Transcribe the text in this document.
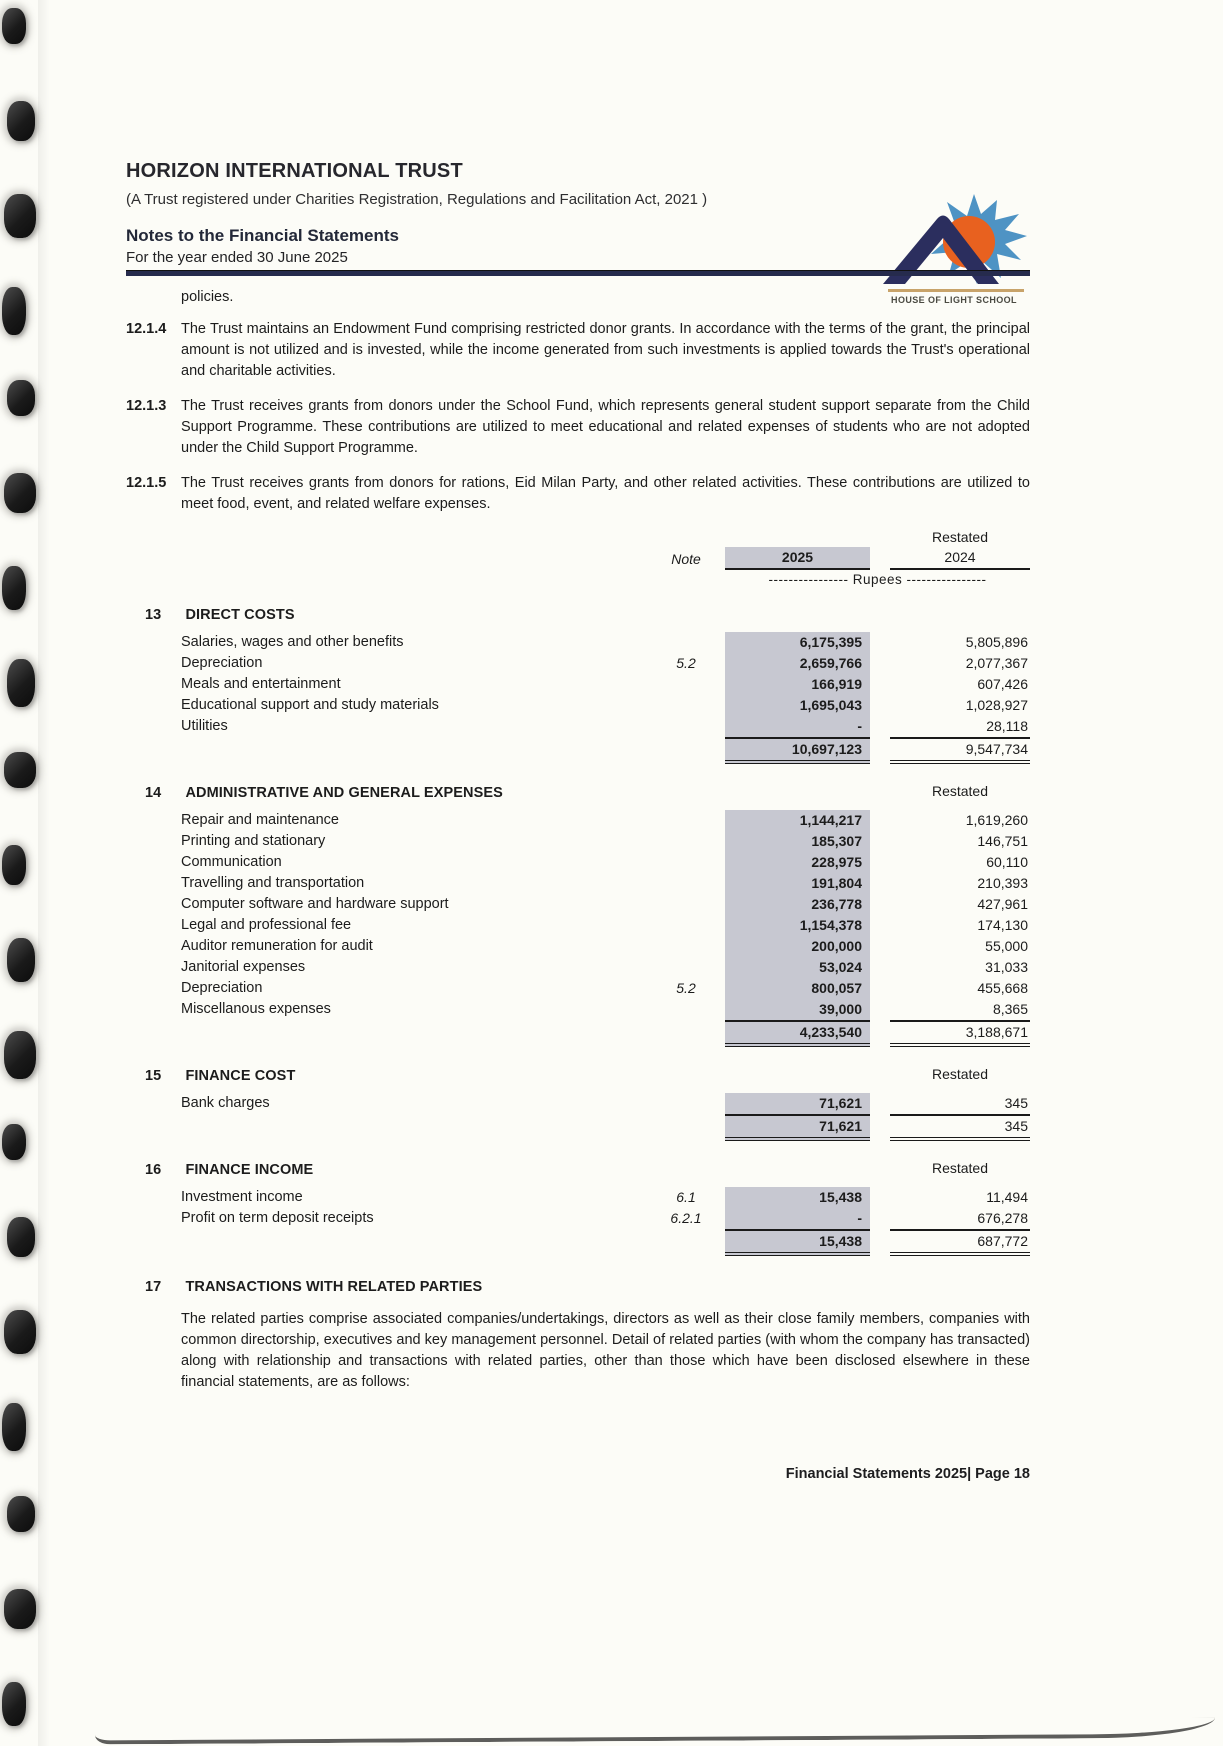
HOUSE OF LIGHT SCHOOL
HORIZON INTERNATIONAL TRUST

(A Trust registered under Charities Registration, Regulations and Facilitation Act, 2021 )

Notes to the Financial Statements

For the year ended 30 June 2025

policies.

12.1.4	The Trust maintains an Endowment Fund comprising restricted donor grants. In accordance with the terms of the grant, the principal amount is not utilized and is invested, while the income generated from such investments is applied towards the Trust's operational and charitable activities.
12.1.3	The Trust receives grants from donors under the School Fund, which represents general student support separate from the Child Support Programme. These contributions are utilized to meet educational and related expenses of students who are not adopted under the Child Support Programme.
12.1.5	The Trust receives grants from donors for rations, Eid Milan Party, and other related activities. These contributions are utilized to meet food, event, and related welfare expenses.
Restated
Note	2025	2024
---------------- Rupees ----------------
13 DIRECT COSTS
Salaries, wages and other benefits	6,175,395	5,805,896
Depreciation	5.2	2,659,766	2,077,367
Meals and entertainment	166,919	607,426
Educational support and study materials	1,695,043	1,028,927
Utilities	-	28,118
10,697,123	9,547,734
14 ADMINISTRATIVE AND GENERAL EXPENSES	Restated
Repair and maintenance	1,144,217	1,619,260
Printing and stationary	185,307	146,751
Communication	228,975	60,110
Travelling and transportation	191,804	210,393
Computer software and hardware support	236,778	427,961
Legal and professional fee	1,154,378	174,130
Auditor remuneration for audit	200,000	55,000
Janitorial expenses	53,024	31,033
Depreciation	5.2	800,057	455,668
Miscellanous expenses	39,000	8,365
4,233,540	3,188,671
15 FINANCE COST	Restated
Bank charges	71,621	345
71,621	345
16 FINANCE INCOME	Restated
Investment income	6.1	15,438	11,494
Profit on term deposit receipts	6.2.1	-	676,278
15,438	687,772
17 TRANSACTIONS WITH RELATED PARTIES

The related parties comprise associated companies/undertakings, directors as well as their close family members, companies with common directorship, executives and key management personnel. Detail of related parties (with whom the company has transacted) along with relationship and transactions with related parties, other than those which have been disclosed elsewhere in these financial statements, are as follows:

Financial Statements 2025| Page 18
